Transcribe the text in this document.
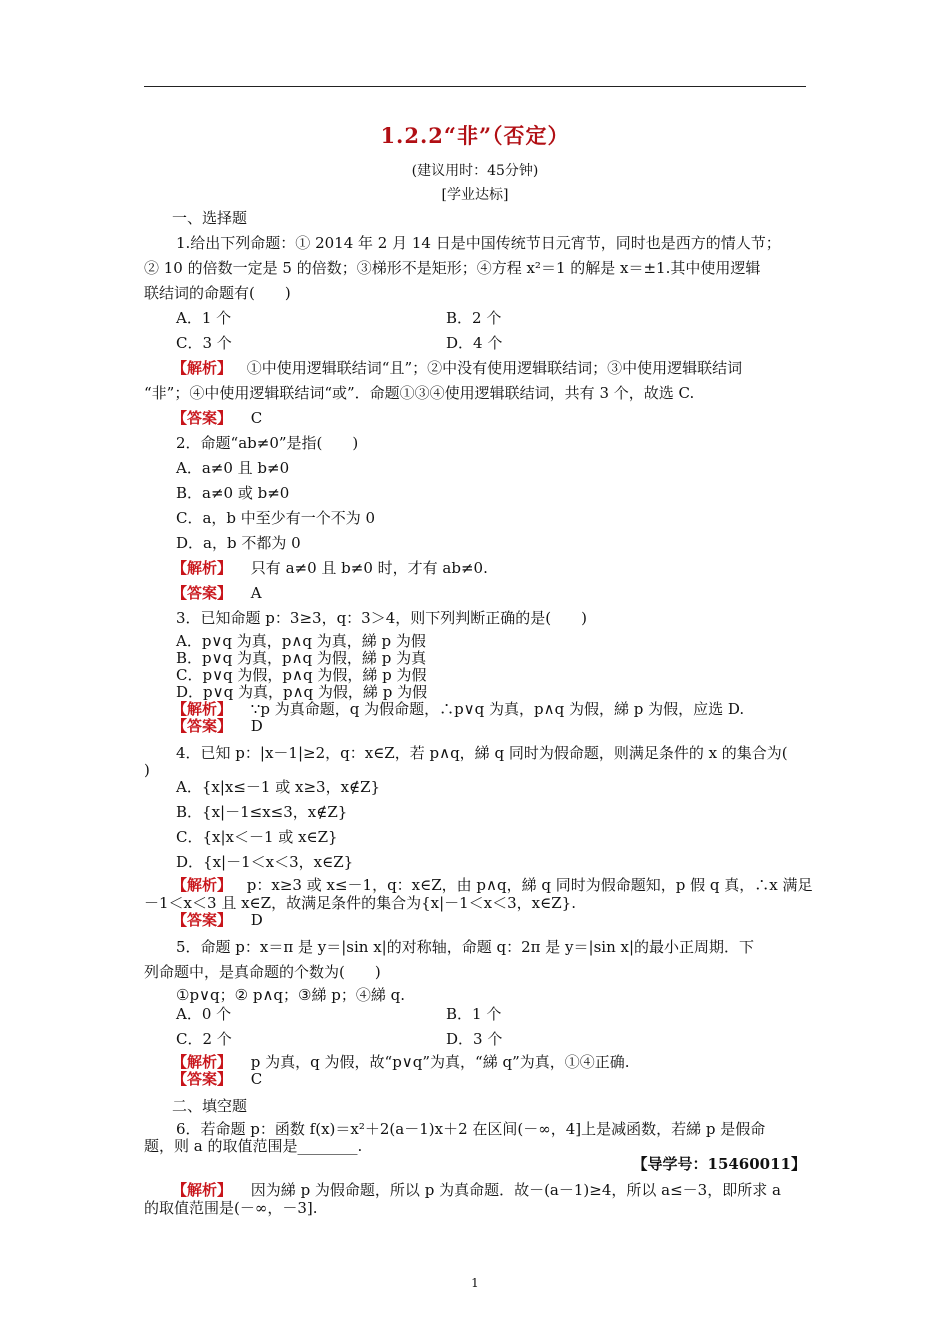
1.2.2“非”（否定）
(建议用时：45分钟)
[学业达标]
一、选择题
1.给出下列命题：① 2014 年 2 月 14 日是中国传统节日元宵节，同时也是西方的情人节；
② 10 的倍数一定是 5 的倍数；③梯形不是矩形；④方程 x²＝1 的解是 x＝±1.其中使用逻辑
联结词的命题有(　　)
A．1 个	B．2 个
C．3 个	D．4 个
【解析】 ①中使用逻辑联结词“且”；②中没有使用逻辑联结词；③中使用逻辑联结词
“非”；④中使用逻辑联结词“或”．命题①③④使用逻辑联结词，共有 3 个，故选 C.
【答案】 C
2．命题“ab≠0”是指(　　)
A．a≠0 且 b≠0
B．a≠0 或 b≠0
C．a，b 中至少有一个不为 0
D．a，b 不都为 0
【解析】 只有 a≠0 且 b≠0 时，才有 ab≠0.
【答案】 A
3．已知命题 p：3≥3，q：3＞4，则下列判断正确的是(　　)
A．p∨q 为真，p∧q 为真，綈 p 为假
B．p∨q 为真，p∧q 为假，綈 p 为真
C．p∨q 为假，p∧q 为假，綈 p 为假
D．p∨q 为真，p∧q 为假，綈 p 为假
【解析】 ∵p 为真命题，q 为假命题，∴p∨q 为真，p∧q 为假，綈 p 为假，应选 D.
【答案】 D
4．已知 p：|x－1|≥2，q：x∈Z，若 p∧q，綈 q 同时为假命题，则满足条件的 x 的集合为(
)
A．{x|x≤－1 或 x≥3，x∉Z}
B．{x|－1≤x≤3，x∉Z}
C．{x|x＜－1 或 x∈Z}
D．{x|－1＜x＜3，x∈Z}
【解析】 p：x≥3 或 x≤－1，q：x∈Z，由 p∧q，綈 q 同时为假命题知，p 假 q 真，∴x 满足
－1＜x＜3 且 x∈Z，故满足条件的集合为{x|－1＜x＜3，x∈Z}.
【答案】 D
5．命题 p：x＝π 是 y＝|sin x|的对称轴，命题 q：2π 是 y＝|sin x|的最小正周期．下
列命题中，是真命题的个数为(　　)
①p∨q；② p∧q；③綈 p；④綈 q.
A．0 个	B．1 个
C．2 个	D．3 个
【解析】 p 为真，q 为假，故“p∨q”为真，“綈 q”为真，①④正确.
【答案】 C
二、填空题
6．若命题 p：函数 f(x)＝x²＋2(a－1)x＋2 在区间(－∞，4]上是减函数，若綈 p 是假命
题，则 a 的取值范围是________.
【导学号：15460011】
【解析】 因为綈 p 为假命题，所以 p 为真命题．故－(a－1)≥4，所以 a≤－3，即所求 a
的取值范围是(－∞，－3].
1
